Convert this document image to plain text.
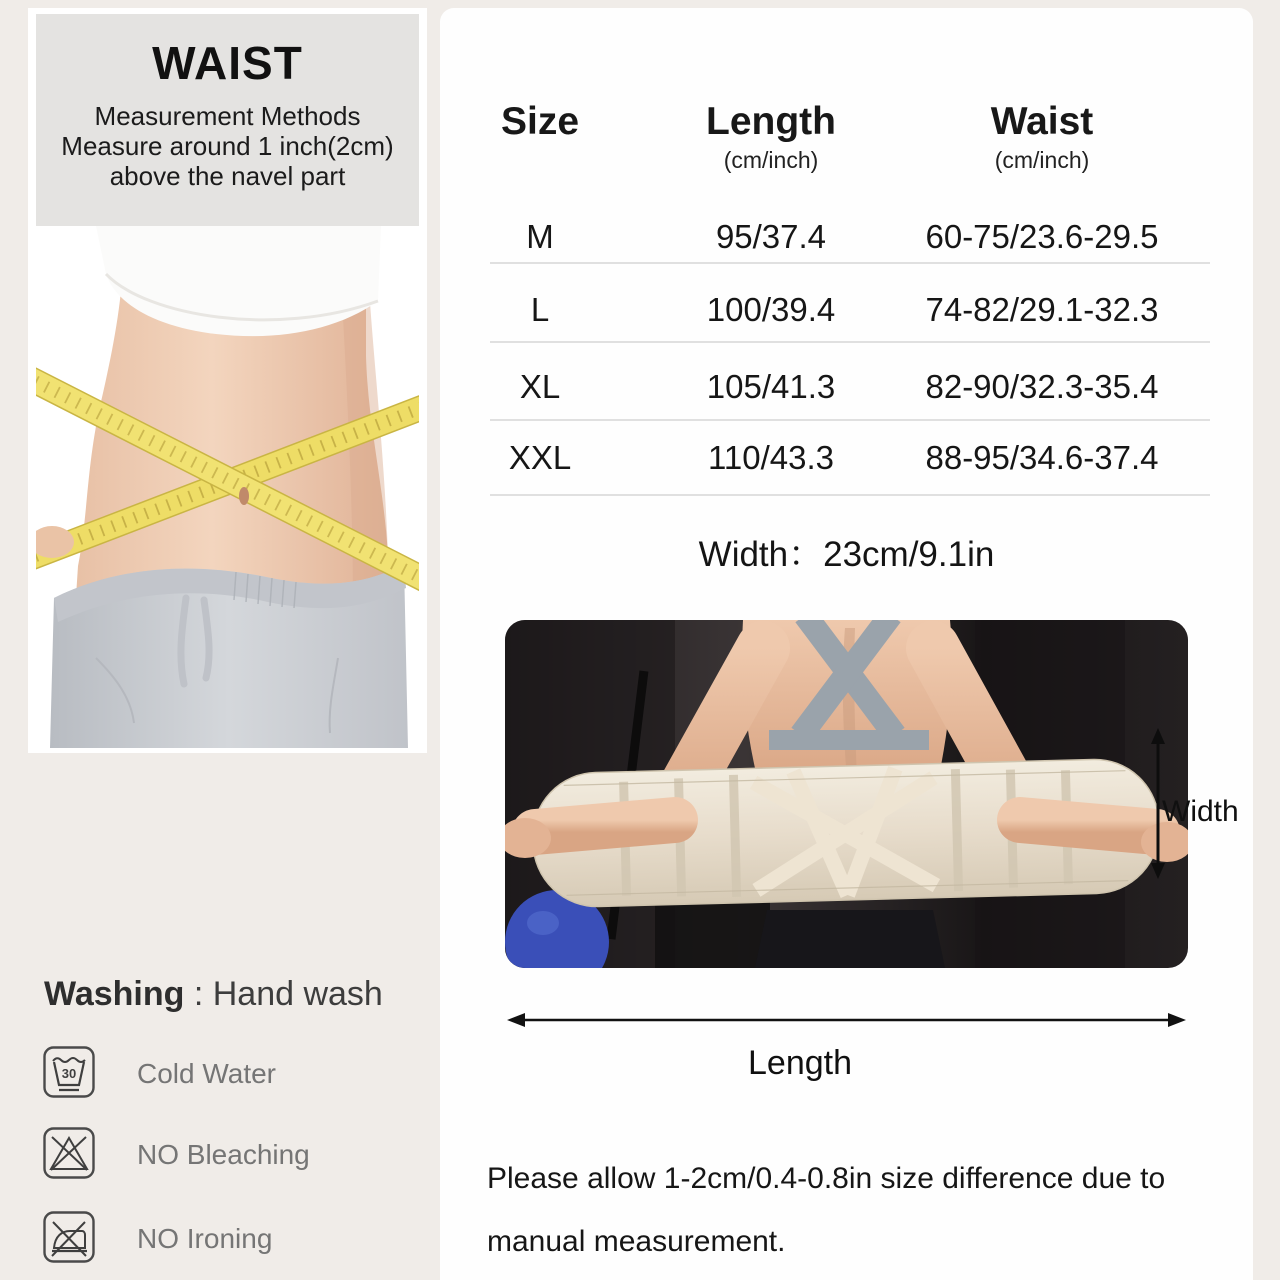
WAIST
Measurement Methods
Measure around 1 inch(2cm)
above the navel part
Washing : Hand wash
30 Cold Water
NO Bleaching
NO Ironing
Size	Length	Waist
(cm/inch)	(cm/inch)
M	95/37.4	60-75/23.6-29.5
L	100/39.4	74-82/29.1-32.3
XL	105/41.3	82-90/32.3-35.4
XXL	110/43.3	88-95/34.6-37.4
Width：23cm/9.1in
Width
Length
Please allow 1-2cm/0.4-0.8in size difference due to
manual measurement.
